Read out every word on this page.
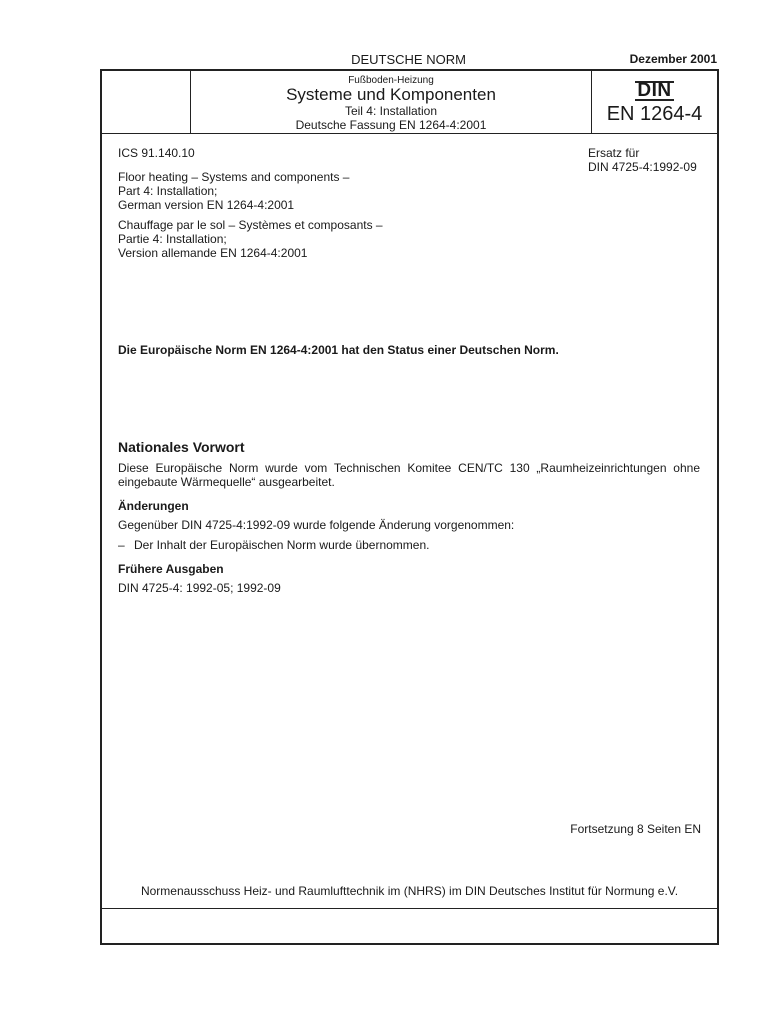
DEUTSCHE NORM	Dezember 2001
Fußboden-Heizung
Systeme und Komponenten
Teil 4: Installation
Deutsche Fassung EN 1264-4:2001
DIN
EN 1264-4
ICS 91.140.10	Ersatz für
DIN 4725-4:1992-09
Floor heating – Systems and components –
Part 4: Installation;
German version EN 1264-4:2001
Chauffage par le sol – Systèmes et composants –
Partie 4: Installation;
Version allemande EN 1264-4:2001
Die Europäische Norm EN 1264-4:2001 hat den Status einer Deutschen Norm.
Nationales Vorwort
Diese Europäische Norm wurde vom Technischen Komitee CEN/TC 130 „Raumheizeinrichtungen ohne eingebaute Wärmequelle“ ausgearbeitet.
Änderungen
Gegenüber DIN 4725-4:1992-09 wurde folgende Änderung vorgenommen:
– Der Inhalt der Europäischen Norm wurde übernommen.
Frühere Ausgaben
DIN 4725-4: 1992-05; 1992-09
Fortsetzung 8 Seiten EN
Normenausschuss Heiz- und Raumlufttechnik im (NHRS) im DIN Deutsches Institut für Normung e.V.
